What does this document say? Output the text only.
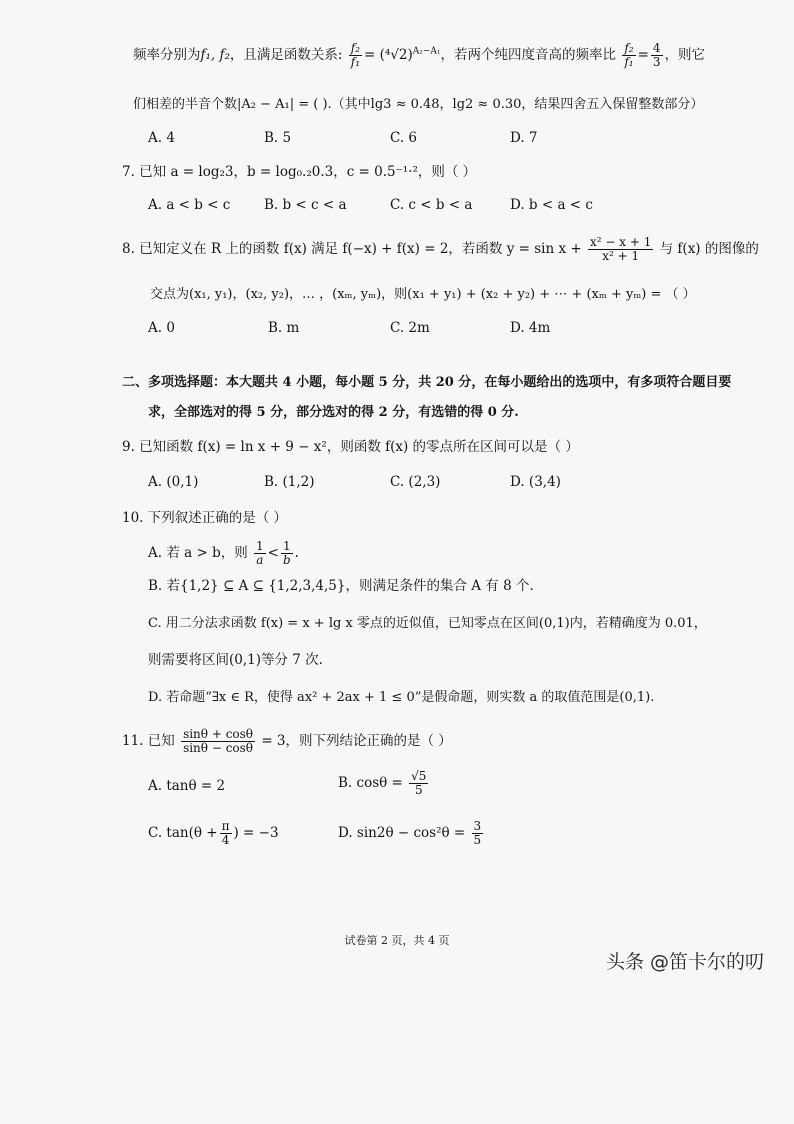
频率分别为f₁, f₂，且满足函数关系: $\frac{\text{f₂}}{\text{f₁}} = (^4√2)^{A_2-A_1}$，若两个纯四度音高的频率比 $\frac{\text{f₂}}{\text{f₁}} = \frac{4}{3}$ ，则它
们相差的半音个数|A₂ − A₁| = ( ).（其中lg3 ≈ 0.48，lg2 ≈ 0.30，结果四舍五入保留整数部分）
A. 4	B. 5	C. 6	D. 7
7. 已知 a = log₂3，b = log₀.₂0.3，c = 0.5⁻¹·²，则（ ）
A. a < b < c B. b < c < a	C. c < b < a	D. b < a < c
8. 已知定义在 R 上的函数 f(x) 满足 f(−x) + f(x) = 2，若函数 $y = \sin x + \frac{\text{x² − x + 1}}{\text{x² + 1}}$ 与 f(x) 的图像的
交点为(x₁, y₁)，(x₂, y₂)，… ，(xₘ, yₘ)，则(x₁ + y₁) + (x₂ + y₂) + ⋯ + (xₘ + yₘ) = （ ）
A. 0	B. m	C. 2m	D. 4m
二、多项选择题：本大题共 4 小题，每小题 5 分，共 20 分，在每小题给出的选项中，有多项符合题目要
求，全部选对的得 5 分，部分选对的得 2 分，有选错的得 0 分.
9. 已知函数 f(x) = ln x + 9 − x²，则函数 f(x) 的零点所在区间可以是（ ）
A. (0,1)	B. (1,2)	C. (2,3)	D. (3,4)
10. 下列叙述正确的是（ ）
A. 若 a > b，则 $\frac{1}{a} < \frac{1}{b}$ .
B. 若{1,2} ⊆ A ⊆ {1,2,3,4,5}，则满足条件的集合 A 有 8 个.
C. 用二分法求函数 f(x) = x + lg x 零点的近似值，已知零点在区间(0,1)内，若精确度为 0.01，
则需要将区间(0,1)等分 7 次.
D. 若命题“∃x ∈ R，使得 ax² + 2ax + 1 ≤ 0”是假命题，则实数 a 的取值范围是(0,1).
11. 已知 $\frac{\sin\theta + \cos\theta}{\sin\theta - \cos\theta} = 3$，则下列结论正确的是（ ）
A. tanθ = 2	B. $\cos\theta = \frac{√5}{5}$
C. $\tan(\theta + \frac{\pi}{4}$ ) = −3	D. $\sin 2\theta - \cos^2\theta = \frac{3}{5}$
试卷第 2 页，共 4 页
头条 @笛卡尔的叨
